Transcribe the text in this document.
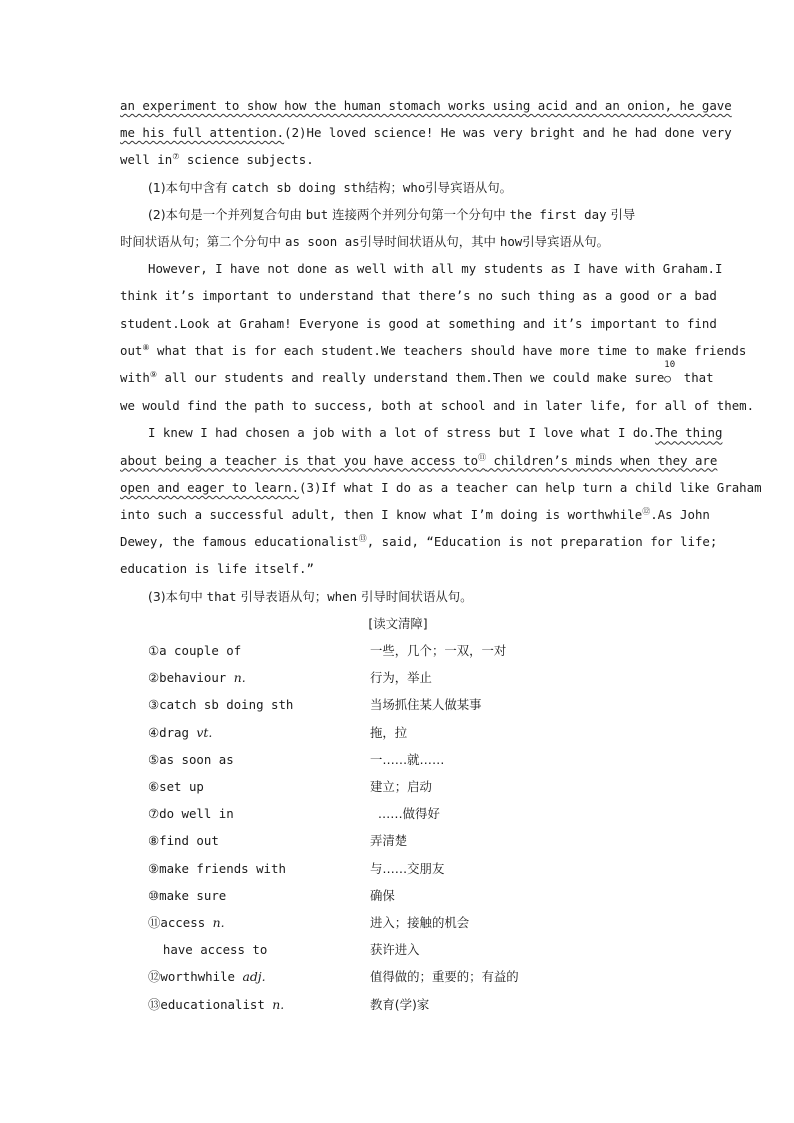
an experiment to show how the human stomach works using acid and an onion, he gave
me his full attention.(2)He loved science! He was very bright and he had done very
well in⑦ science subjects.
(1)本句中含有 catch sb doing sth结构；who引导宾语从句。
(2)本句是一个并列复合句由 but 连接两个并列分句第一个分句中 the first day 引导
时间状语从句；第二个分句中 as soon as引导时间状语从句，其中 how引导宾语从句。
However, I have not done as well with all my students as I have with Graham.I
think it’s important to understand that there’s no such thing as a good or a bad
student.Look at Graham! Everyone is good at something and it’s important to find
out⑧ what that is for each student.We teachers should have more time to make friends
with⑨ all our students and really understand them.Then we could make sure
10
○ that
we would find the path to success, both at school and in later life, for all of them.
I knew I had chosen a job with a lot of stress but I love what I do.The thing
about being a teacher is that you have access to⑪ children’s minds when they are
open and eager to learn.(3)If what I do as a teacher can help turn a child like Graham
into such a successful adult, then I know what I’m doing is worthwhile⑫.As John
Dewey, the famous educationalist⑬, said, “Education is not preparation for life;
education is life itself.”
(3)本句中 that 引导表语从句；when 引导时间状语从句。
[读文清障]
①a couple of	一些，几个；一双，一对
②behaviour n.	行为，举止
③catch sb doing sth	当场抓住某人做某事
④drag vt.	拖，拉
⑤as soon as	一……就……
⑥set up	建立；启动
⑦do well in	……做得好
⑧find out	弄清楚
⑨make friends with	与……交朋友
⑩make sure	确保
⑪access n.	进入；接触的机会
have access to	获许进入
⑫worthwhile adj.	值得做的；重要的；有益的
⑬educationalist n.	教育(学)家
